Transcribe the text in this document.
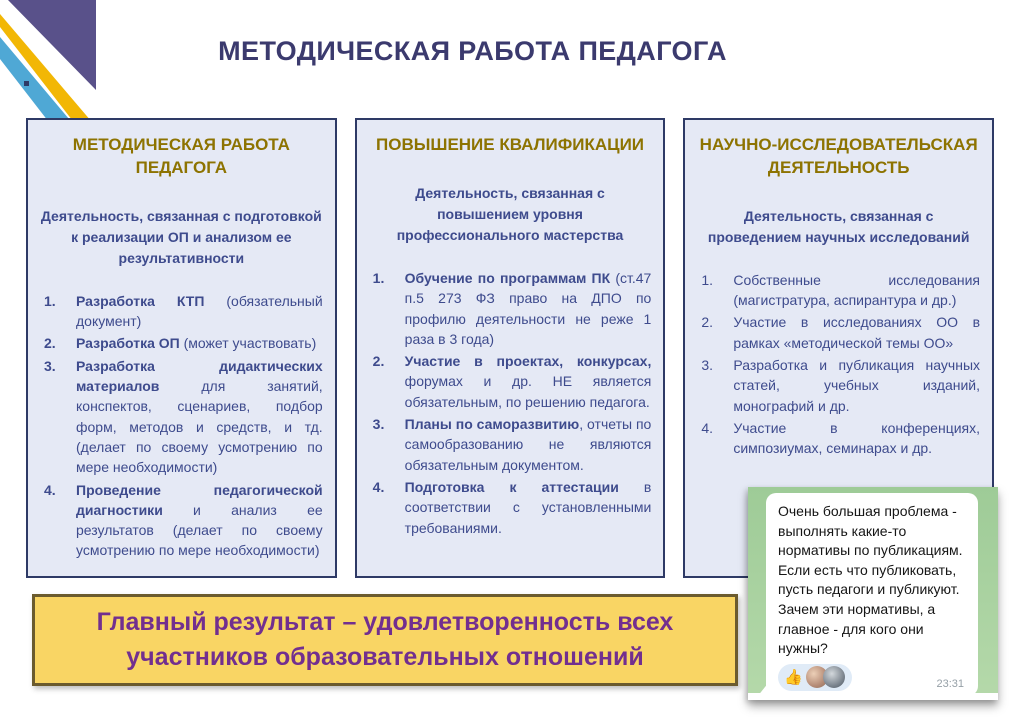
МЕТОДИЧЕСКАЯ РАБОТА ПЕДАГОГА
МЕТОДИЧЕСКАЯ РАБОТА ПЕДАГОГА

Деятельность, связанная с подготовкой к реализации ОП и анализом ее результативности

Разработка КТП (обязательный документ)
Разработка ОП (может участвовать)
Разработка дидактических материалов для занятий, конспектов, сценариев, подбор форм, методов и средств, и тд. (делает по своему усмотрению по мере необходимости)
Проведение педагогической диагностики и анализ ее результатов (делает по своему усмотрению по мере необходимости)
ПОВЫШЕНИЕ КВАЛИФИКАЦИИ

Деятельность, связанная с повышением уровня профессионального мастерства

Обучение по программам ПК (ст.47 п.5 273 ФЗ право на ДПО по профилю деятельности не реже 1 раза в 3 года)
Участие в проектах, конкурсах, форумах и др. НЕ является обязательным, по решению педагога.
Планы по саморазвитию, отчеты по самообразованию не являются обязательным документом.
Подготовка к аттестации в соответствии с установленными требованиями.
НАУЧНО-ИССЛЕДОВАТЕЛЬСКАЯ ДЕЯТЕЛЬНОСТЬ

Деятельность, связанная с проведением научных исследований

Собственные исследования (магистратура, аспирантура и др.)
Участие в исследованиях ОО в рамках «методической темы ОО»
Разработка и публикация научных статей, учебных изданий, монографий и др.
Участие в конференциях, симпозиумах, семинарах и др.
Главный результат – удовлетворенность всех участников образовательных отношений

Очень большая проблема - выполнять какие-то нормативы по публикациям. Если есть что публиковать, пусть педагоги и публикуют. Зачем эти нормативы, а главное - для кого они нужны?

👍	23:31
